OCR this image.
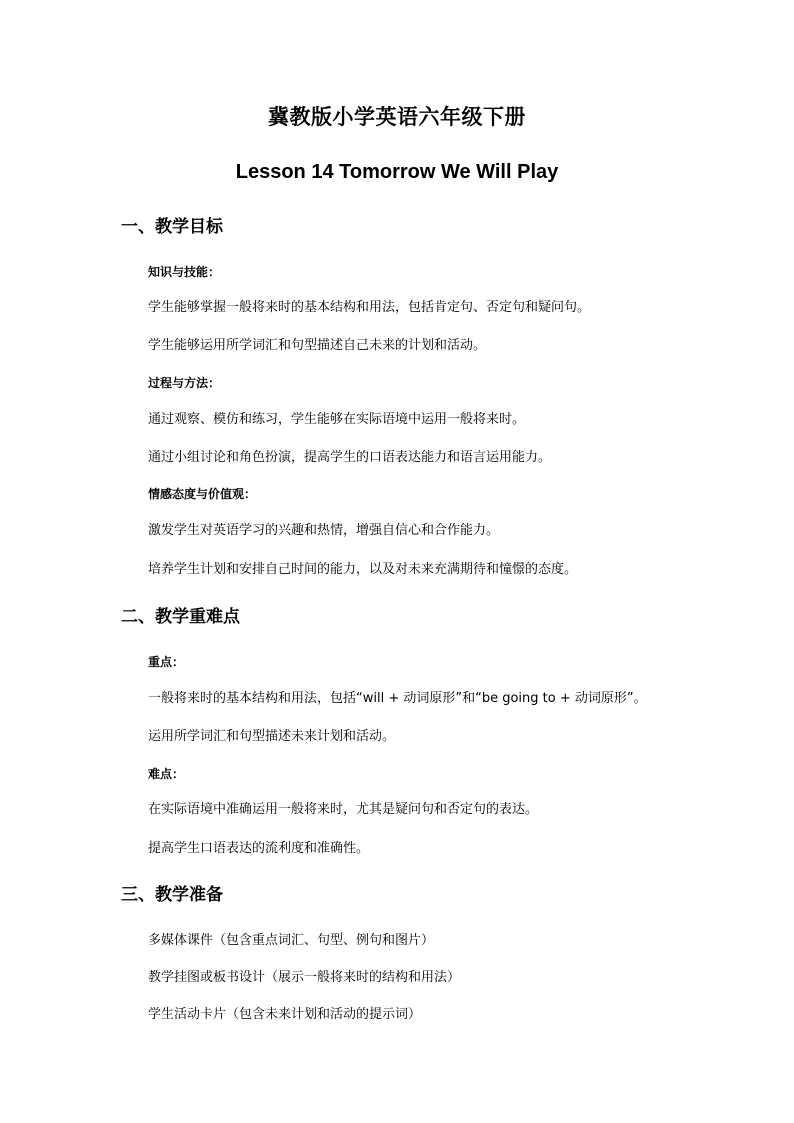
冀教版小学英语六年级下册
Lesson 14 Tomorrow We Will Play
一、教学目标
知识与技能：
学生能够掌握一般将来时的基本结构和用法，包括肯定句、否定句和疑问句。
学生能够运用所学词汇和句型描述自己未来的计划和活动。
过程与方法：
通过观察、模仿和练习，学生能够在实际语境中运用一般将来时。
通过小组讨论和角色扮演，提高学生的口语表达能力和语言运用能力。
情感态度与价值观：
激发学生对英语学习的兴趣和热情，增强自信心和合作能力。
培养学生计划和安排自己时间的能力，以及对未来充满期待和憧憬的态度。
二、教学重难点
重点：
一般将来时的基本结构和用法，包括“will + 动词原形”和“be going to + 动词原形”。
运用所学词汇和句型描述未来计划和活动。
难点：
在实际语境中准确运用一般将来时，尤其是疑问句和否定句的表达。
提高学生口语表达的流利度和准确性。
三、教学准备
多媒体课件（包含重点词汇、句型、例句和图片）
教学挂图或板书设计（展示一般将来时的结构和用法）
学生活动卡片（包含未来计划和活动的提示词）
